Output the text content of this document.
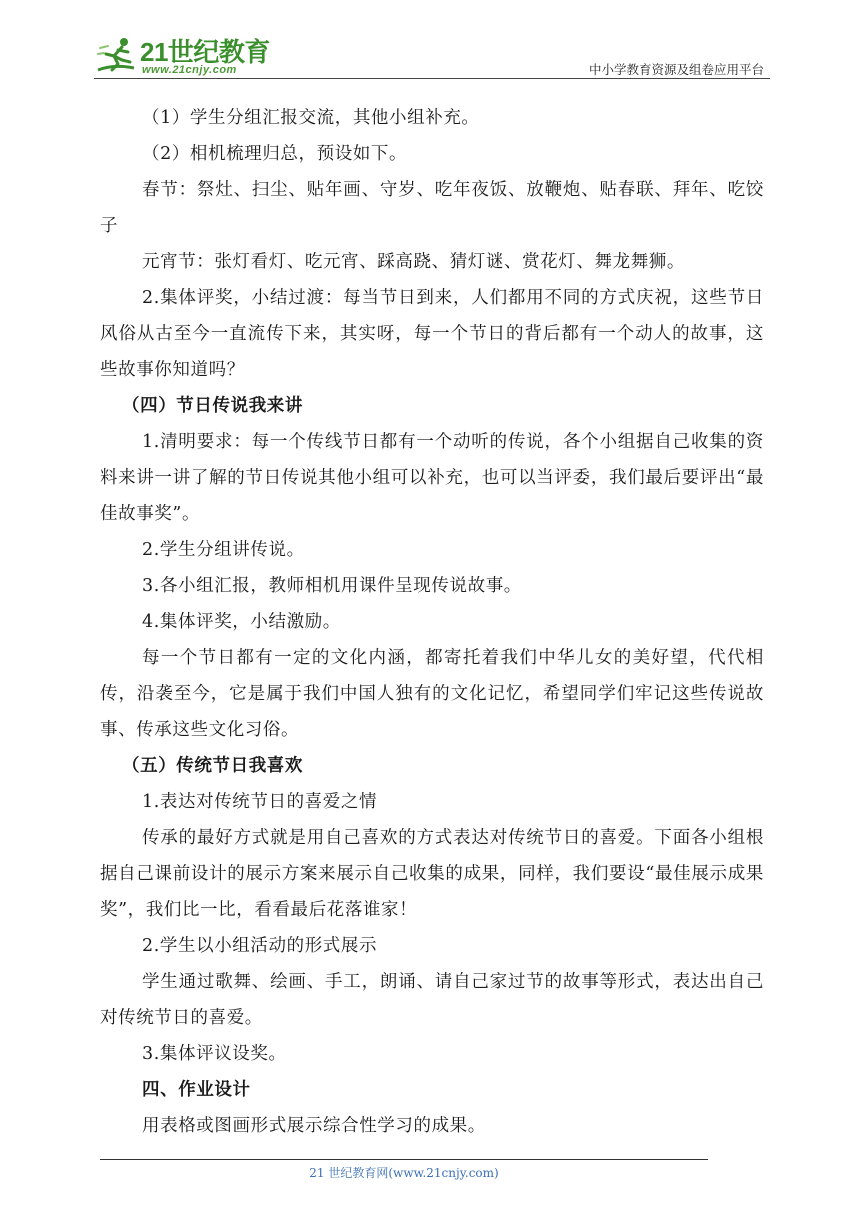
21世纪教育
www.21cnjy.com	中小学教育资源及组卷应用平台

（1）学生分组汇报交流，其他小组补充。

（2）相机梳理归总，预设如下。

春节：祭灶、扫尘、贴年画、守岁、吃年夜饭、放鞭炮、贴春联、拜年、吃饺子

元宵节：张灯看灯、吃元宵、踩高跷、猜灯谜、赏花灯、舞龙舞狮。

2.集体评奖，小结过渡：每当节日到来，人们都用不同的方式庆祝，这些节日风俗从古至今一直流传下来，其实呀，每一个节日的背后都有一个动人的故事，这些故事你知道吗？

（四）节日传说我来讲

1.清明要求：每一个传线节日都有一个动听的传说，各个小组据自己收集的资料来讲一讲了解的节日传说其他小组可以补充，也可以当评委，我们最后要评出“最佳故事奖”。

2.学生分组讲传说。

3.各小组汇报，教师相机用课件呈现传说故事。

4.集体评奖，小结激励。

每一个节日都有一定的文化内涵，都寄托着我们中华儿女的美好望，代代相传，沿袭至今，它是属于我们中国人独有的文化记忆，希望同学们牢记这些传说故事、传承这些文化习俗。

（五）传统节日我喜欢

1.表达对传统节日的喜爱之情

传承的最好方式就是用自己喜欢的方式表达对传统节日的喜爱。下面各小组根据自己课前设计的展示方案来展示自己收集的成果，同样，我们要设“最佳展示成果奖”，我们比一比，看看最后花落谁家！

2.学生以小组活动的形式展示

学生通过歌舞、绘画、手工，朗诵、请自己家过节的故事等形式，表达出自己对传统节日的喜爱。

3.集体评议设奖。

四、作业设计

用表格或图画形式展示综合性学习的成果。

21 世纪教育网(www.21cnjy.com)
